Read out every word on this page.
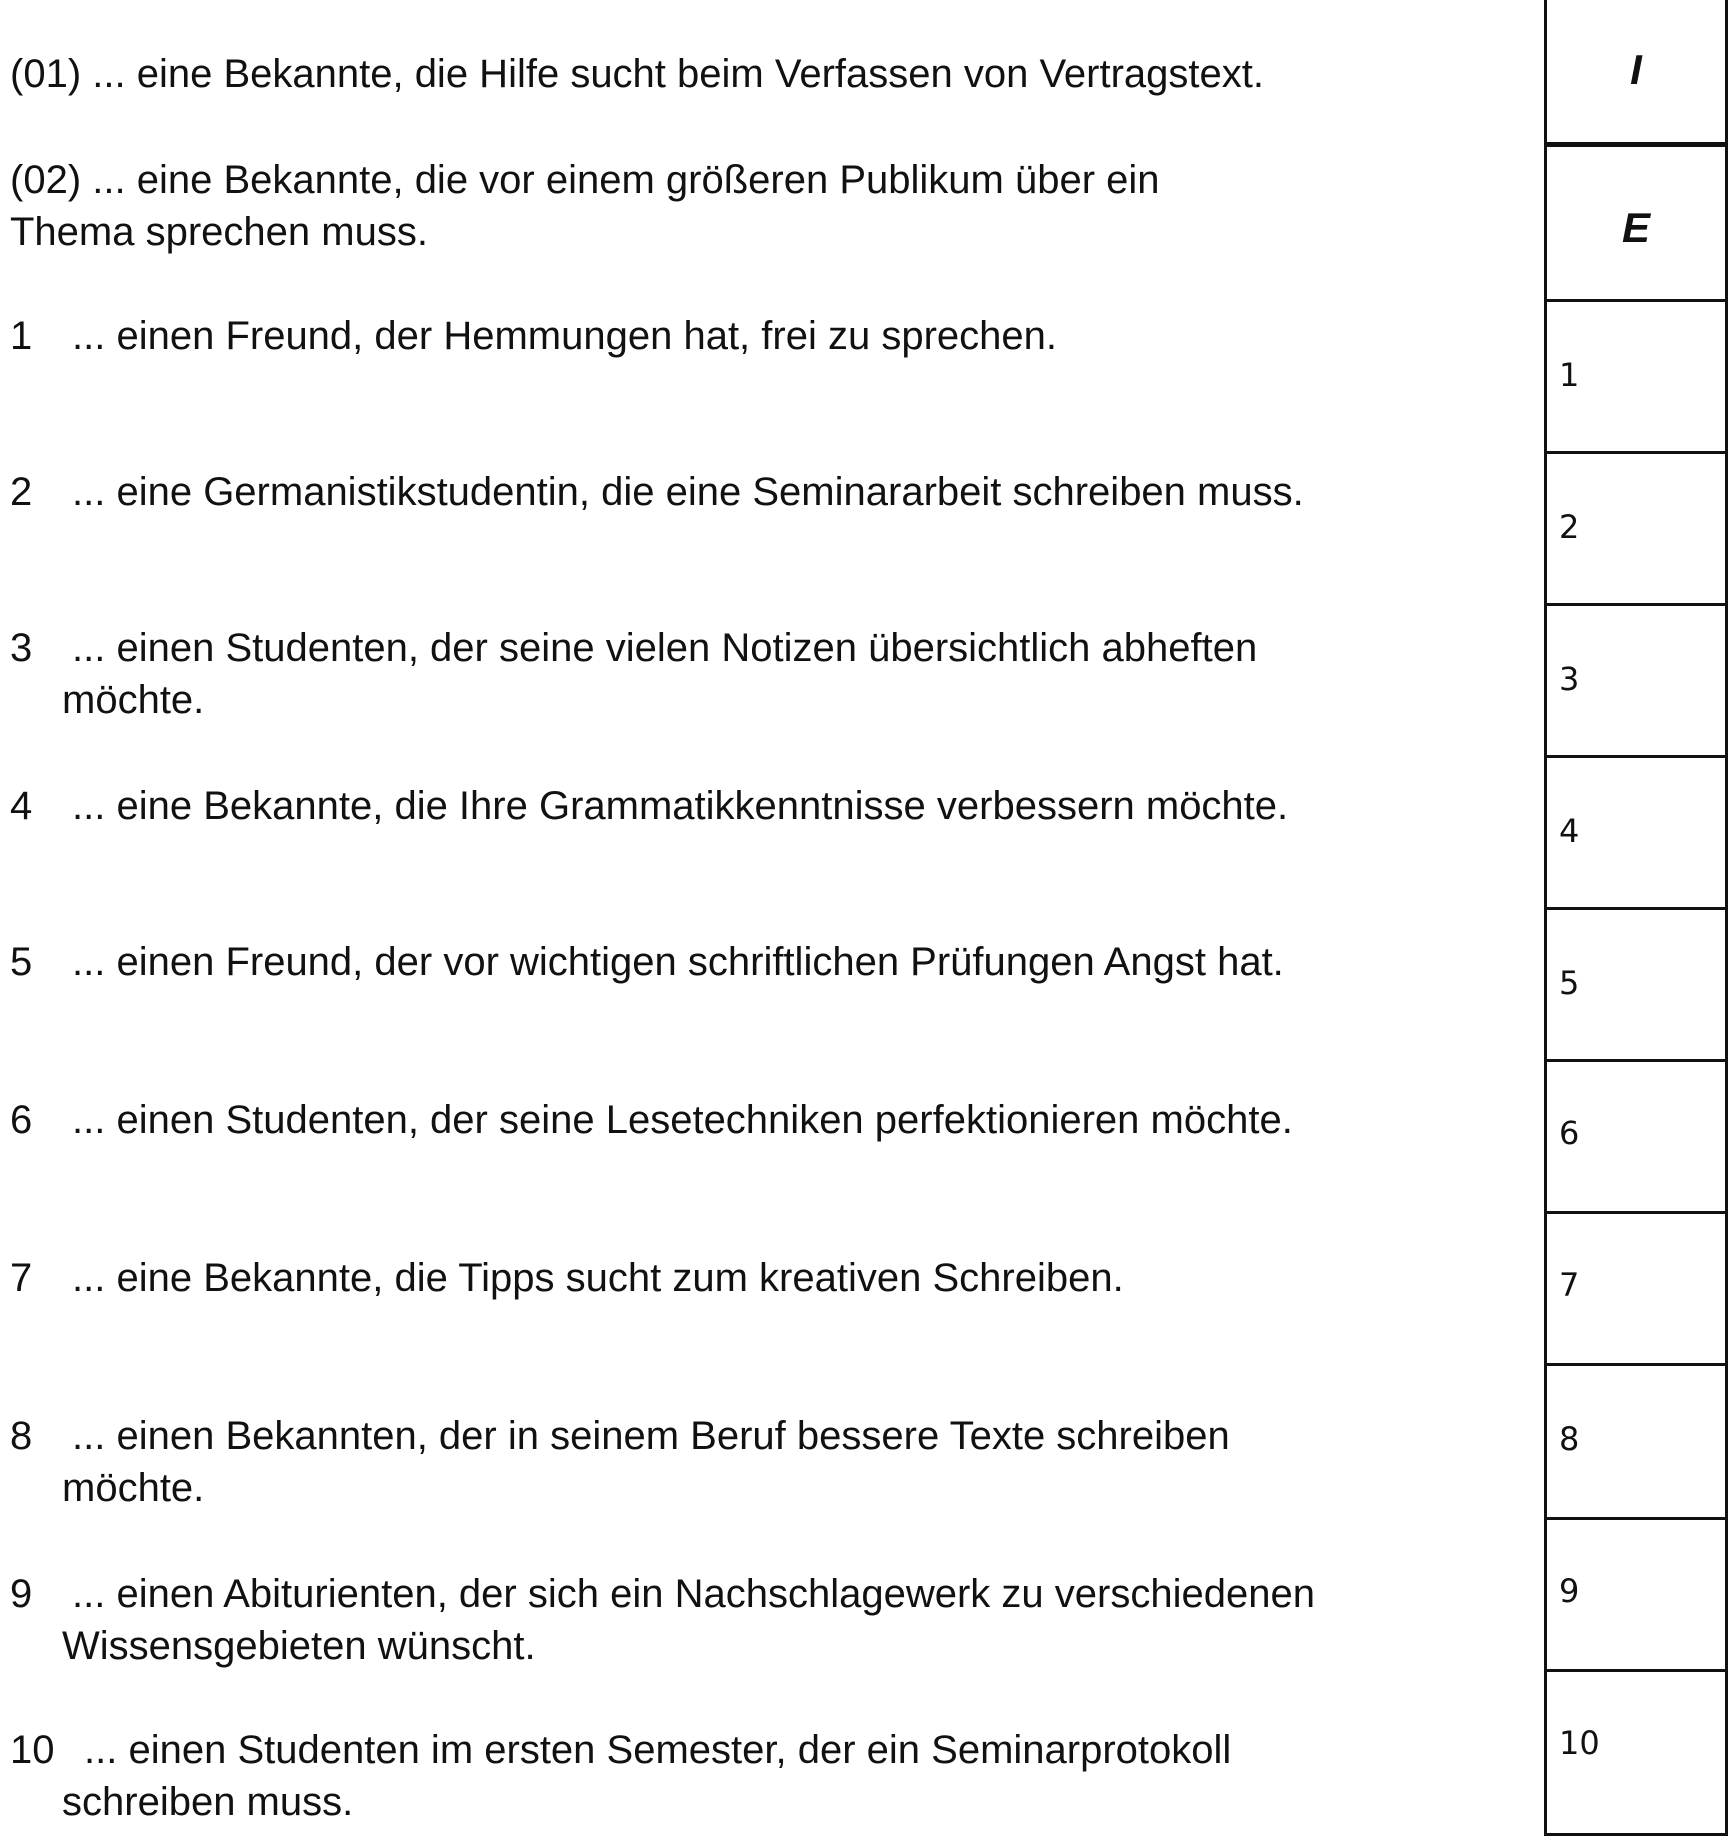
(01) ... eine Bekannte, die Hilfe sucht beim Verfassen von Vertragstext.
(02) ... eine Bekannte, die vor einem größeren Publikum über ein
Thema sprechen muss.
1 ... einen Freund, der Hemmungen hat, frei zu sprechen.
2 ... eine Germanistikstudentin, die eine Seminararbeit schreiben muss.
3 ... einen Studenten, der seine vielen Notizen übersichtlich abheften
möchte.
4 ... eine Bekannte, die Ihre Grammatikkenntnisse verbessern möchte.
5 ... einen Freund, der vor wichtigen schriftlichen Prüfungen Angst hat.
6 ... einen Studenten, der seine Lesetechniken perfektionieren möchte.
7 ... eine Bekannte, die Tipps sucht zum kreativen Schreiben.
8 ... einen Bekannten, der in seinem Beruf bessere Texte schreiben
möchte.
9 ... einen Abiturienten, der sich ein Nachschlagewerk zu verschiedenen
Wissensgebieten wünscht.
10 ... einen Studenten im ersten Semester, der ein Seminarprotokoll
schreiben muss.
I
E
1
2
3
4
5
6
7
8
9
10
